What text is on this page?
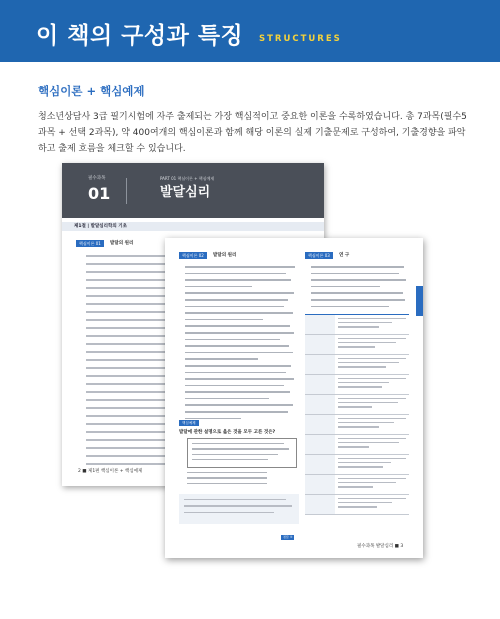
이 책의 구성과 특징 STRUCTURES
핵심이론 + 핵심예제
청소년상담사 3급 필기시험에 자주 출제되는 가장 핵심적이고 중요한 이론을 수록하였습니다. 총 7과목(필수5과목 + 선택 2과목), 약 400여개의 핵심이론과 함께 해당 이론의 실제 기출문제로 구성하여, 기출경향을 파악하고 출제 흐름을 체크할 수 있습니다.
필수과목
01
PART 01 핵심이론 + 핵심예제
발달심리
제1절 | 발달심리학의 기초
핵심이론 01	발달의 원리
2 ■ 제1편 핵심이론 + 핵심예제
핵심이론 02	발달의 원리	핵심이론 03	연 구
핵심예제
발달에 관한 설명으로 옳은 것을 모두 고른 것은?
정답 ③
필수과목 발달심리 ■ 3
